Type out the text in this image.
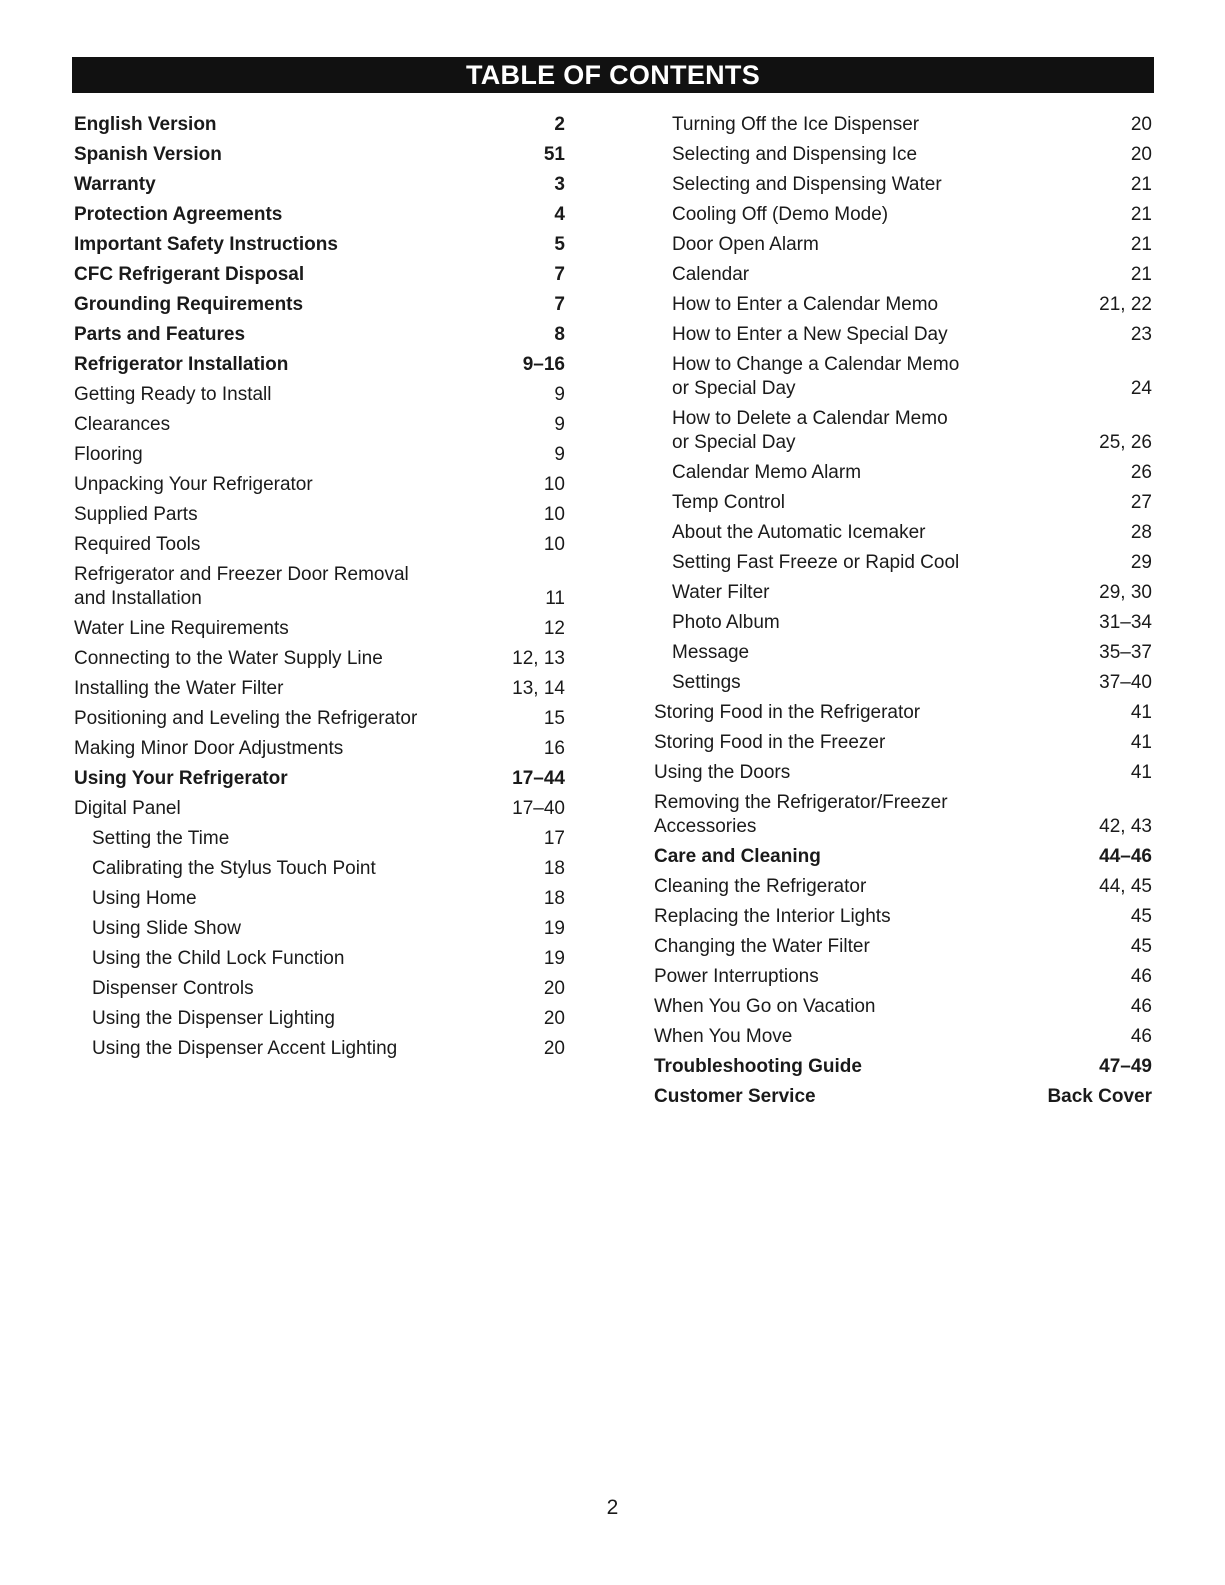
TABLE OF CONTENTS
English Version	2
Spanish Version	51
Warranty	3
Protection Agreements	4
Important Safety Instructions	5
CFC Refrigerant Disposal	7
Grounding Requirements	7
Parts and Features	8
Refrigerator Installation	9–16
Getting Ready to Install	9
Clearances	9
Flooring	9
Unpacking Your Refrigerator	10
Supplied Parts	10
Required Tools	10
Refrigerator and Freezer Door Removal
and Installation	11
Water Line Requirements	12
Connecting to the Water Supply Line	12, 13
Installing the Water Filter	13, 14
Positioning and Leveling the Refrigerator	15
Making Minor Door Adjustments	16
Using Your Refrigerator	17–44
Digital Panel	17–40
Setting the Time	17
Calibrating the Stylus Touch Point	18
Using Home	18
Using Slide Show	19
Using the Child Lock Function	19
Dispenser Controls	20
Using the Dispenser Lighting	20
Using the Dispenser Accent Lighting	20
Turning Off the Ice Dispenser	20
Selecting and Dispensing Ice	20
Selecting and Dispensing Water	21
Cooling Off (Demo Mode)	21
Door Open Alarm	21
Calendar	21
How to Enter a Calendar Memo	21, 22
How to Enter a New Special Day	23
How to Change a Calendar Memo
or Special Day	24
How to Delete a Calendar Memo
or Special Day	25, 26
Calendar Memo Alarm	26
Temp Control	27
About the Automatic Icemaker	28
Setting Fast Freeze or Rapid Cool	29
Water Filter	29, 30
Photo Album	31–34
Message	35–37
Settings	37–40
Storing Food in the Refrigerator	41
Storing Food in the Freezer	41
Using the Doors	41
Removing the Refrigerator/Freezer
Accessories	42, 43
Care and Cleaning	44–46
Cleaning the Refrigerator	44, 45
Replacing the Interior Lights	45
Changing the Water Filter	45
Power Interruptions	46
When You Go on Vacation	46
When You Move	46
Troubleshooting Guide	47–49
Customer Service	Back Cover
2
